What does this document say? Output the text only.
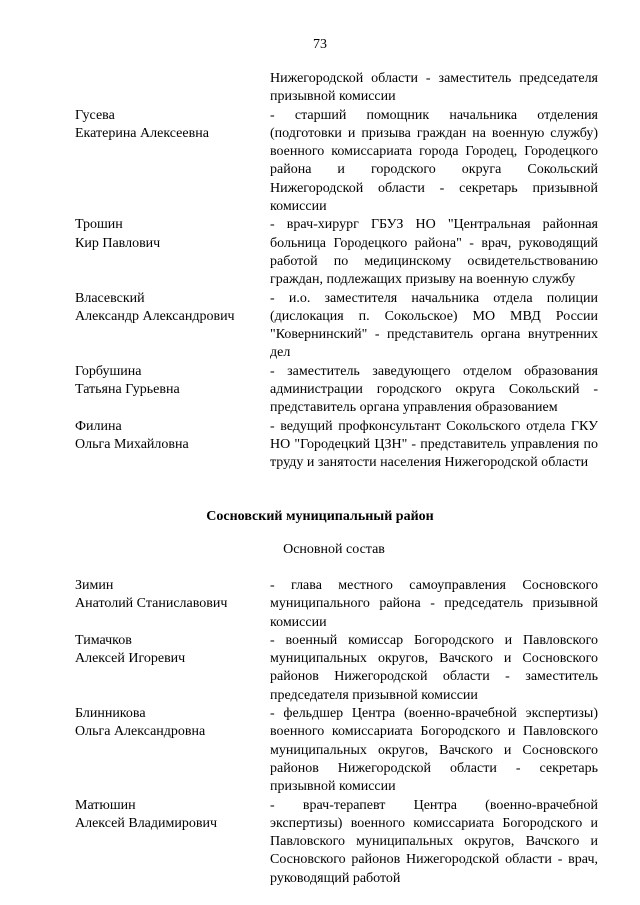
73
Нижегородской области - заместитель председателя призывной комиссии
Гусева
Екатерина Алексеевна
- старший помощник начальника отделения (подготовки и призыва граждан на военную службу) военного комиссариата города Городец, Городецкого района и городского округа Сокольский Нижегородской области - секретарь призывной комиссии
Трошин
Кир Павлович
- врач-хирург ГБУЗ НО "Центральная районная больница Городецкого района" - врач, руководящий работой по медицинскому освидетельствованию граждан, подлежащих призыву на военную службу
Власевский
Александр Александрович
- и.о. заместителя начальника отдела полиции (дислокация п. Сокольское) МО МВД России "Ковернинский" - представитель органа внутренних дел
Горбушина
Татьяна Гурьевна
- заместитель заведующего отделом образования администрации городского округа Сокольский - представитель органа управления образованием
Филина
Ольга Михайловна
- ведущий профконсультант Сокольского отдела ГКУ НО "Городецкий ЦЗН" - представитель управления по труду и занятости населения Нижегородской области
Сосновский муниципальный район
Основной состав
Зимин
Анатолий Станиславович
- глава местного самоуправления Сосновского муниципального района - председатель призывной комиссии
Тимачков
Алексей Игоревич
- военный комиссар Богородского и Павловского муниципальных округов, Вачского и Сосновского районов Нижегородской области - заместитель председателя призывной комиссии
Блинникова
Ольга Александровна
- фельдшер Центра (военно-врачебной экспертизы) военного комиссариата Богородского и Павловского муниципальных округов, Вачского и Сосновского районов Нижегородской области - секретарь призывной комиссии
Матюшин
Алексей Владимирович
- врач-терапевт Центра (военно-врачебной экспертизы) военного комиссариата Богородского и Павловского муниципальных округов, Вачского и Сосновского районов Нижегородской области - врач, руководящий работой
